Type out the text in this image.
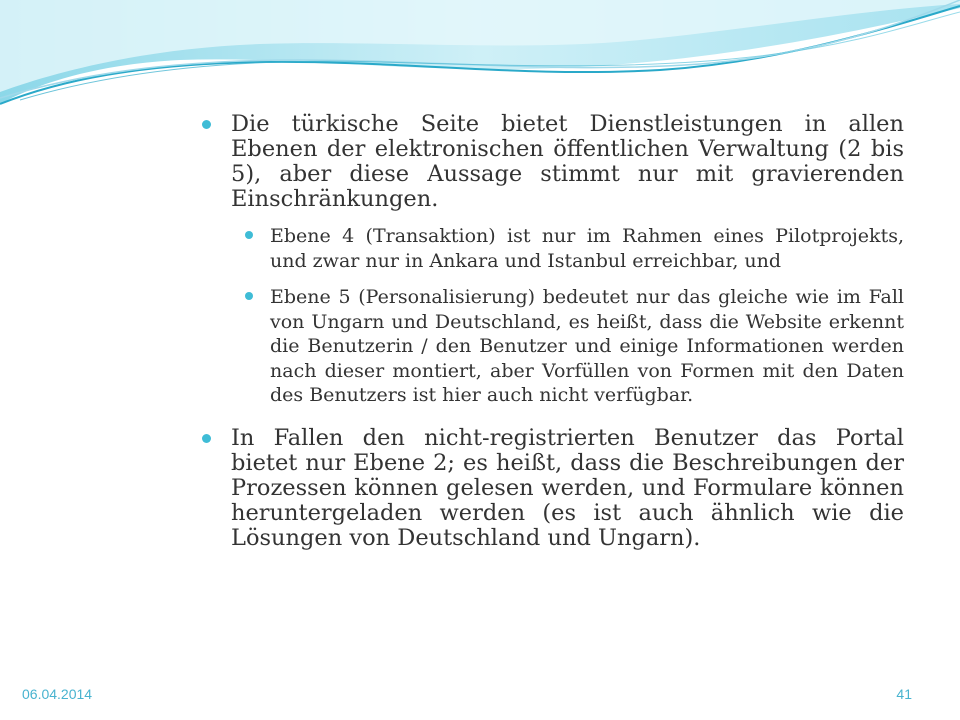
Die türkische Seite bietet Dienstleistungen in allen Ebenen der elektronischen öffentlichen Verwaltung (2 bis 5), aber diese Aussage stimmt nur mit gravierenden Einschränkungen.
Ebene 4 (Transaktion) ist nur im Rahmen eines Pilotprojekts, und zwar nur in Ankara und Istanbul erreichbar, und
Ebene 5 (Personalisierung) bedeutet nur das gleiche wie im Fall von Ungarn und Deutschland, es heißt, dass die Website erkennt die Benutzerin / den Benutzer und einige Informationen werden nach dieser montiert, aber Vorfüllen von Formen mit den Daten des Benutzers ist hier auch nicht verfügbar.
In Fallen den nicht-registrierten Benutzer das Portal bietet nur Ebene 2; es heißt, dass die Beschreibungen der Prozessen können gelesen werden, und Formulare können heruntergeladen werden (es ist auch ähnlich wie die Lösungen von Deutschland und Ungarn).
06.04.2014	41
